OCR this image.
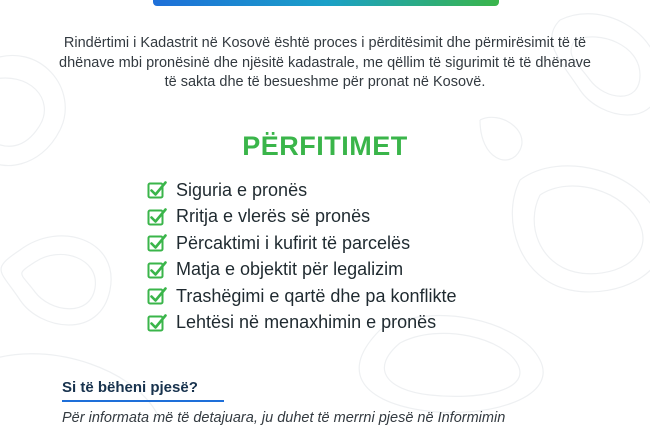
Rindërtimi i Kadastrit në Kosovë është proces i përditësimit dhe përmirësimit të të dhënave mbi pronësinë dhe njësitë kadastrale, me qëllim të sigurimit të të dhënave të sakta dhe të besueshme për pronat në Kosovë.

PËRFITIMET
Siguria e pronës
Rritja e vlerës së pronës
Përcaktimi i kufirit të parcelës
Matja e objektit për legalizim
Trashëgimi e qartë dhe pa konflikte
Lehtësi në menaxhimin e pronës
Si të bëheni pjesë?

Për informata më të detajuara, ju duhet të merrni pjesë në Informimin
